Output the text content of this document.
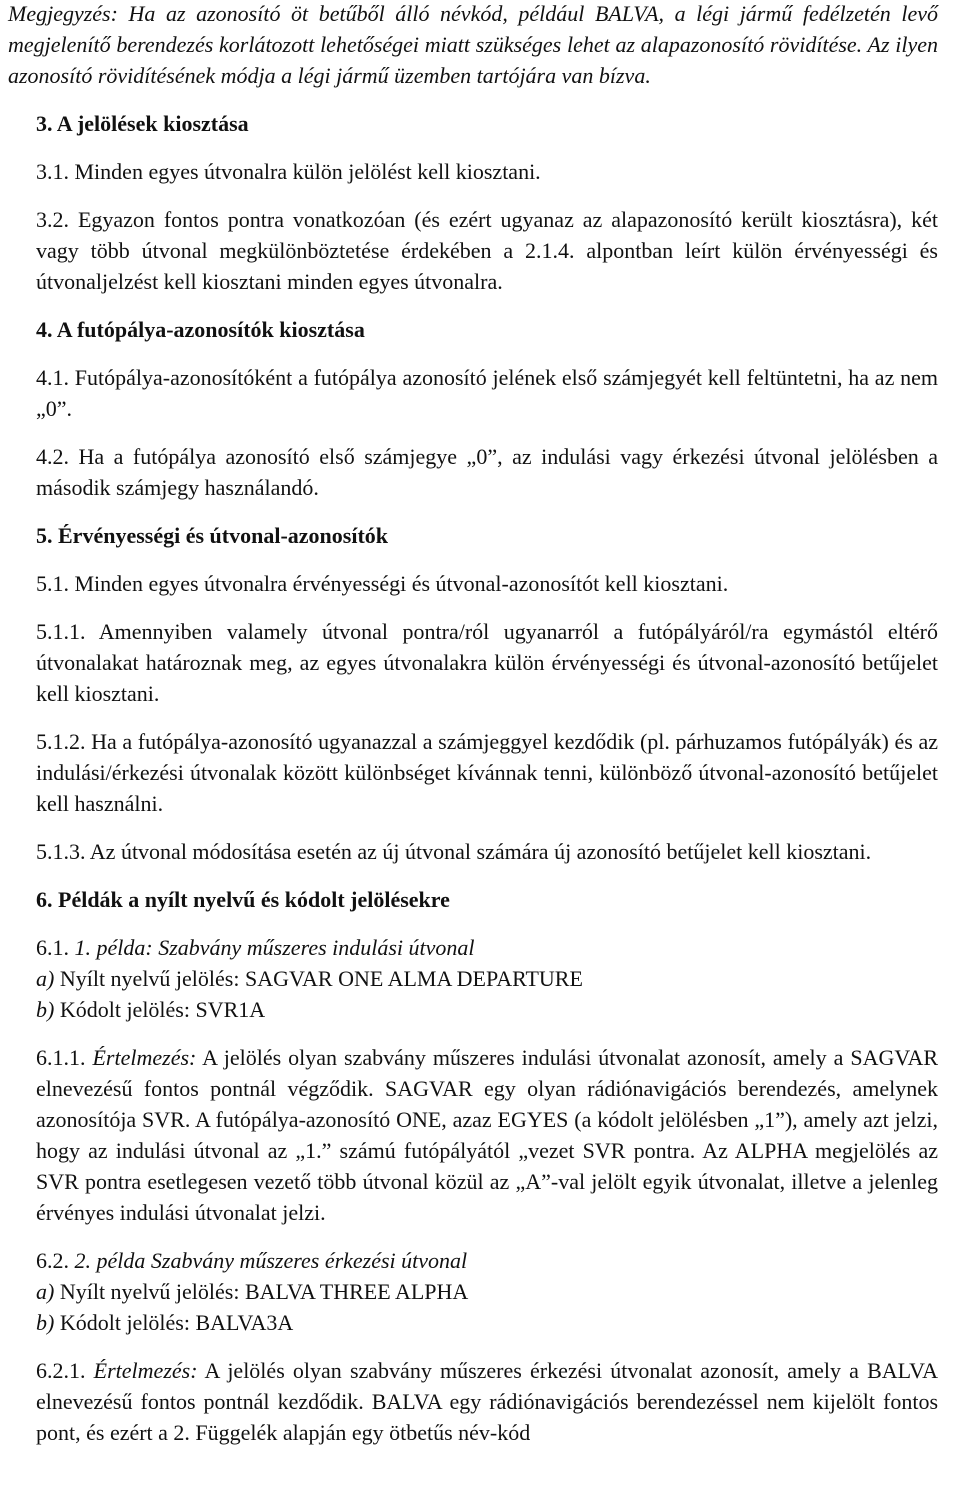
Megjegyzés: Ha az azonosító öt betűből álló névkód, például BALVA, a légi jármű fedélzetén levő megjelenítő berendezés korlátozott lehetőségei miatt szükséges lehet az alapazonosító rövidítése. Az ilyen azonosító rövidítésének módja a légi jármű üzemben tartójára van bízva.

3. A jelölések kiosztása

3.1. Minden egyes útvonalra külön jelölést kell kiosztani.

3.2. Egyazon fontos pontra vonatkozóan (és ezért ugyanaz az alapazonosító került kiosztásra), két vagy több útvonal megkülönböztetése érdekében a 2.1.4. alpontban leírt külön érvényességi és útvonaljelzést kell kiosztani minden egyes útvonalra.

4. A futópálya-azonosítók kiosztása

4.1. Futópálya-azonosítóként a futópálya azonosító jelének első számjegyét kell feltüntetni, ha az nem „0”.

4.2. Ha a futópálya azonosító első számjegye „0”, az indulási vagy érkezési útvonal jelölésben a második számjegy használandó.

5. Érvényességi és útvonal-azonosítók

5.1. Minden egyes útvonalra érvényességi és útvonal-azonosítót kell kiosztani.

5.1.1. Amennyiben valamely útvonal pontra/ról ugyanarról a futópályáról/ra egymástól eltérő útvonalakat határoznak meg, az egyes útvonalakra külön érvényességi és útvonal-azonosító betűjelet kell kiosztani.

5.1.2. Ha a futópálya-azonosító ugyanazzal a számjeggyel kezdődik (pl. párhuzamos futópályák) és az indulási/érkezési útvonalak között különbséget kívánnak tenni, különböző útvonal-azonosító betűjelet kell használni.

5.1.3. Az útvonal módosítása esetén az új útvonal számára új azonosító betűjelet kell kiosztani.

6. Példák a nyílt nyelvű és kódolt jelölésekre
6.1. 1. példa: Szabvány műszeres indulási útvonal
a) Nyílt nyelvű jelölés: SAGVAR ONE ALMA DEPARTURE
b) Kódolt jelölés: SVR1A

6.1.1. Értelmezés: A jelölés olyan szabvány műszeres indulási útvonalat azonosít, amely a SAGVAR elnevezésű fontos pontnál végződik. SAGVAR egy olyan rádiónavigációs berendezés, amelynek azonosítója SVR. A futópálya-azonosító ONE, azaz EGYES (a kódolt jelölésben „1”), amely azt jelzi, hogy az indulási útvonal az „1.” számú futópályától „vezet SVR pontra. Az ALPHA megjelölés az SVR pontra esetlegesen vezető több útvonal közül az „A”-val jelölt egyik útvonalat, illetve a jelenleg érvényes indulási útvonalat jelzi.

6.2. 2. példa Szabvány műszeres érkezési útvonal
a) Nyílt nyelvű jelölés: BALVA THREE ALPHA
b) Kódolt jelölés: BALVA3A

6.2.1. Értelmezés: A jelölés olyan szabvány műszeres érkezési útvonalat azonosít, amely a BALVA elnevezésű fontos pontnál kezdődik. BALVA egy rádiónavigációs berendezéssel nem kijelölt fontos pont, és ezért a 2. Függelék alapján egy ötbetűs név-kód
